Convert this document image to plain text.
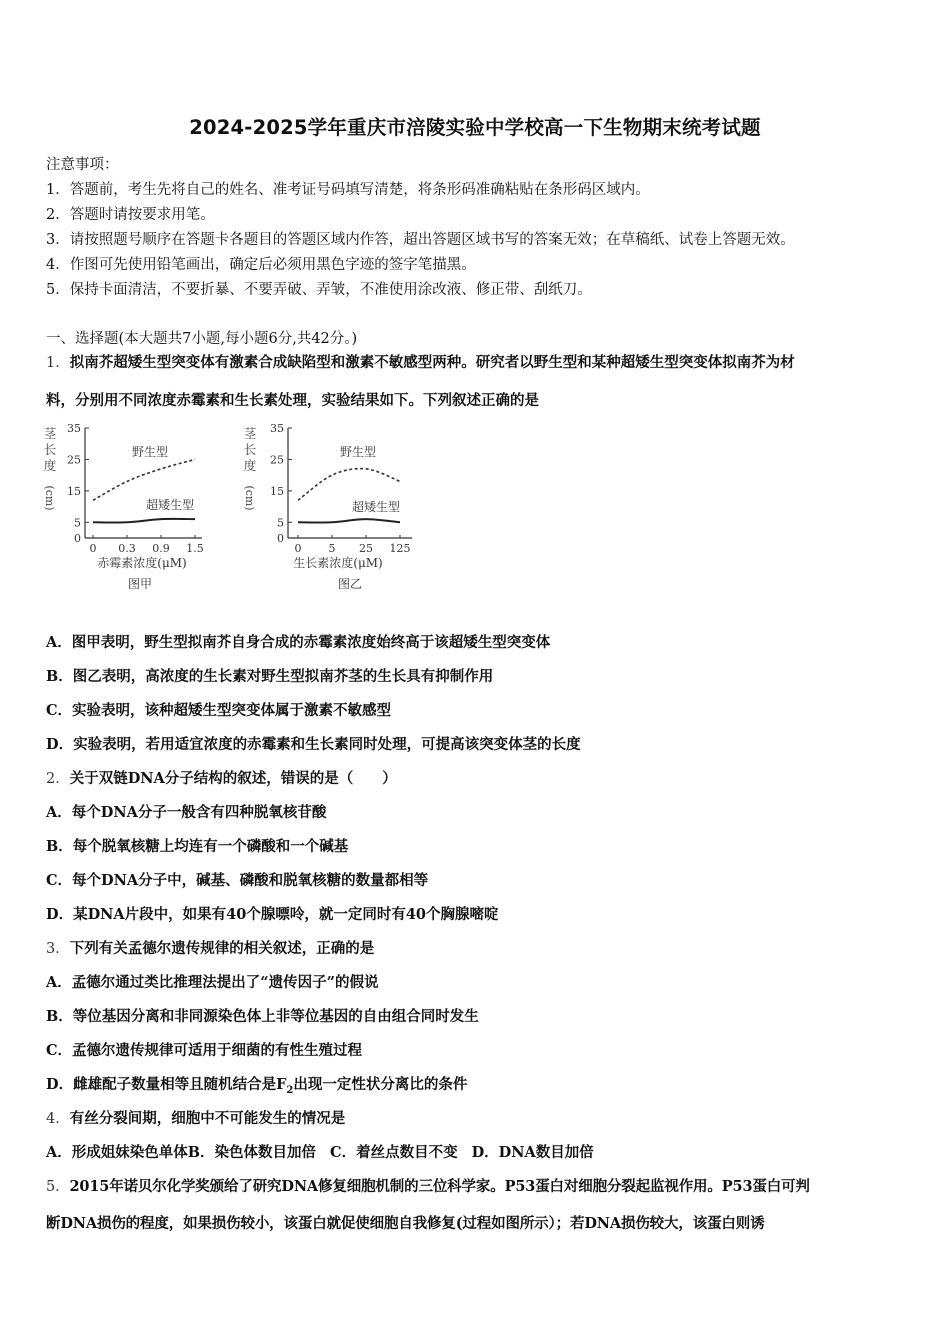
2024-2025学年重庆市涪陵实验中学校高一下生物期末统考试题
注意事项：
1．答题前，考生先将自己的姓名、准考证号码填写清楚，将条形码准确粘贴在条形码区域内。
2．答题时请按要求用笔。
3．请按照题号顺序在答题卡各题目的答题区域内作答，超出答题区域书写的答案无效；在草稿纸、试卷上答题无效。
4．作图可先使用铅笔画出，确定后必须用黑色字迹的签字笔描黑。
5．保持卡面清洁，不要折暴、不要弄破、弄皱，不准使用涂改液、修正带、刮纸刀。
一、选择题(本大题共7小题,每小题6分,共42分。)
1．拟南芥超矮生型突变体有激素合成缺陷型和激素不敏感型两种。研究者以野生型和某种超矮生型突变体拟南芥为材
料，分别用不同浓度赤霉素和生长素处理，实验结果如下。下列叙述正确的是
茎
长
度
(cm)
0
5
15
25
35
0 0.3 0.9 1.5
野生型
超矮生型
赤霉素浓度(μM)
图甲
茎
长
度
(cm)
0
5
15
25
35
0 5 25 125
野生型
超矮生型
生长素浓度(μM)
图乙
A．图甲表明，野生型拟南芥自身合成的赤霉素浓度始终高于该超矮生型突变体
B．图乙表明，高浓度的生长素对野生型拟南芥茎的生长具有抑制作用
C．实验表明，该种超矮生型突变体属于激素不敏感型
D．实验表明，若用适宜浓度的赤霉素和生长素同时处理，可提高该突变体茎的长度
2．关于双链DNA分子结构的叙述，错误的是（　　）
A．每个DNA分子一般含有四种脱氧核苷酸
B．每个脱氧核糖上均连有一个磷酸和一个碱基
C．每个DNA分子中，碱基、磷酸和脱氧核糖的数量都相等
D．某DNA片段中，如果有40个腺嘌呤，就一定同时有40个胸腺嘧啶
3．下列有关孟德尔遗传规律的相关叙述，正确的是
A．孟德尔通过类比推理法提出了“遗传因子”的假说
B．等位基因分离和非同源染色体上非等位基因的自由组合同时发生
C．孟德尔遗传规律可适用于细菌的有性生殖过程
D．雌雄配子数量相等且随机结合是$F_2$出现一定性状分离比的条件
4．有丝分裂间期，细胞中不可能发生的情况是
A．形成姐妹染色单体B．染色体数目加倍 C．着丝点数目不变 D．DNA数目加倍
5．2015年诺贝尔化学奖颁给了研究DNA修复细胞机制的三位科学家。P53蛋白对细胞分裂起监视作用。P53蛋白可判
断DNA损伤的程度，如果损伤较小，该蛋白就促使细胞自我修复(过程如图所示）；若DNA损伤较大，该蛋白则诱
